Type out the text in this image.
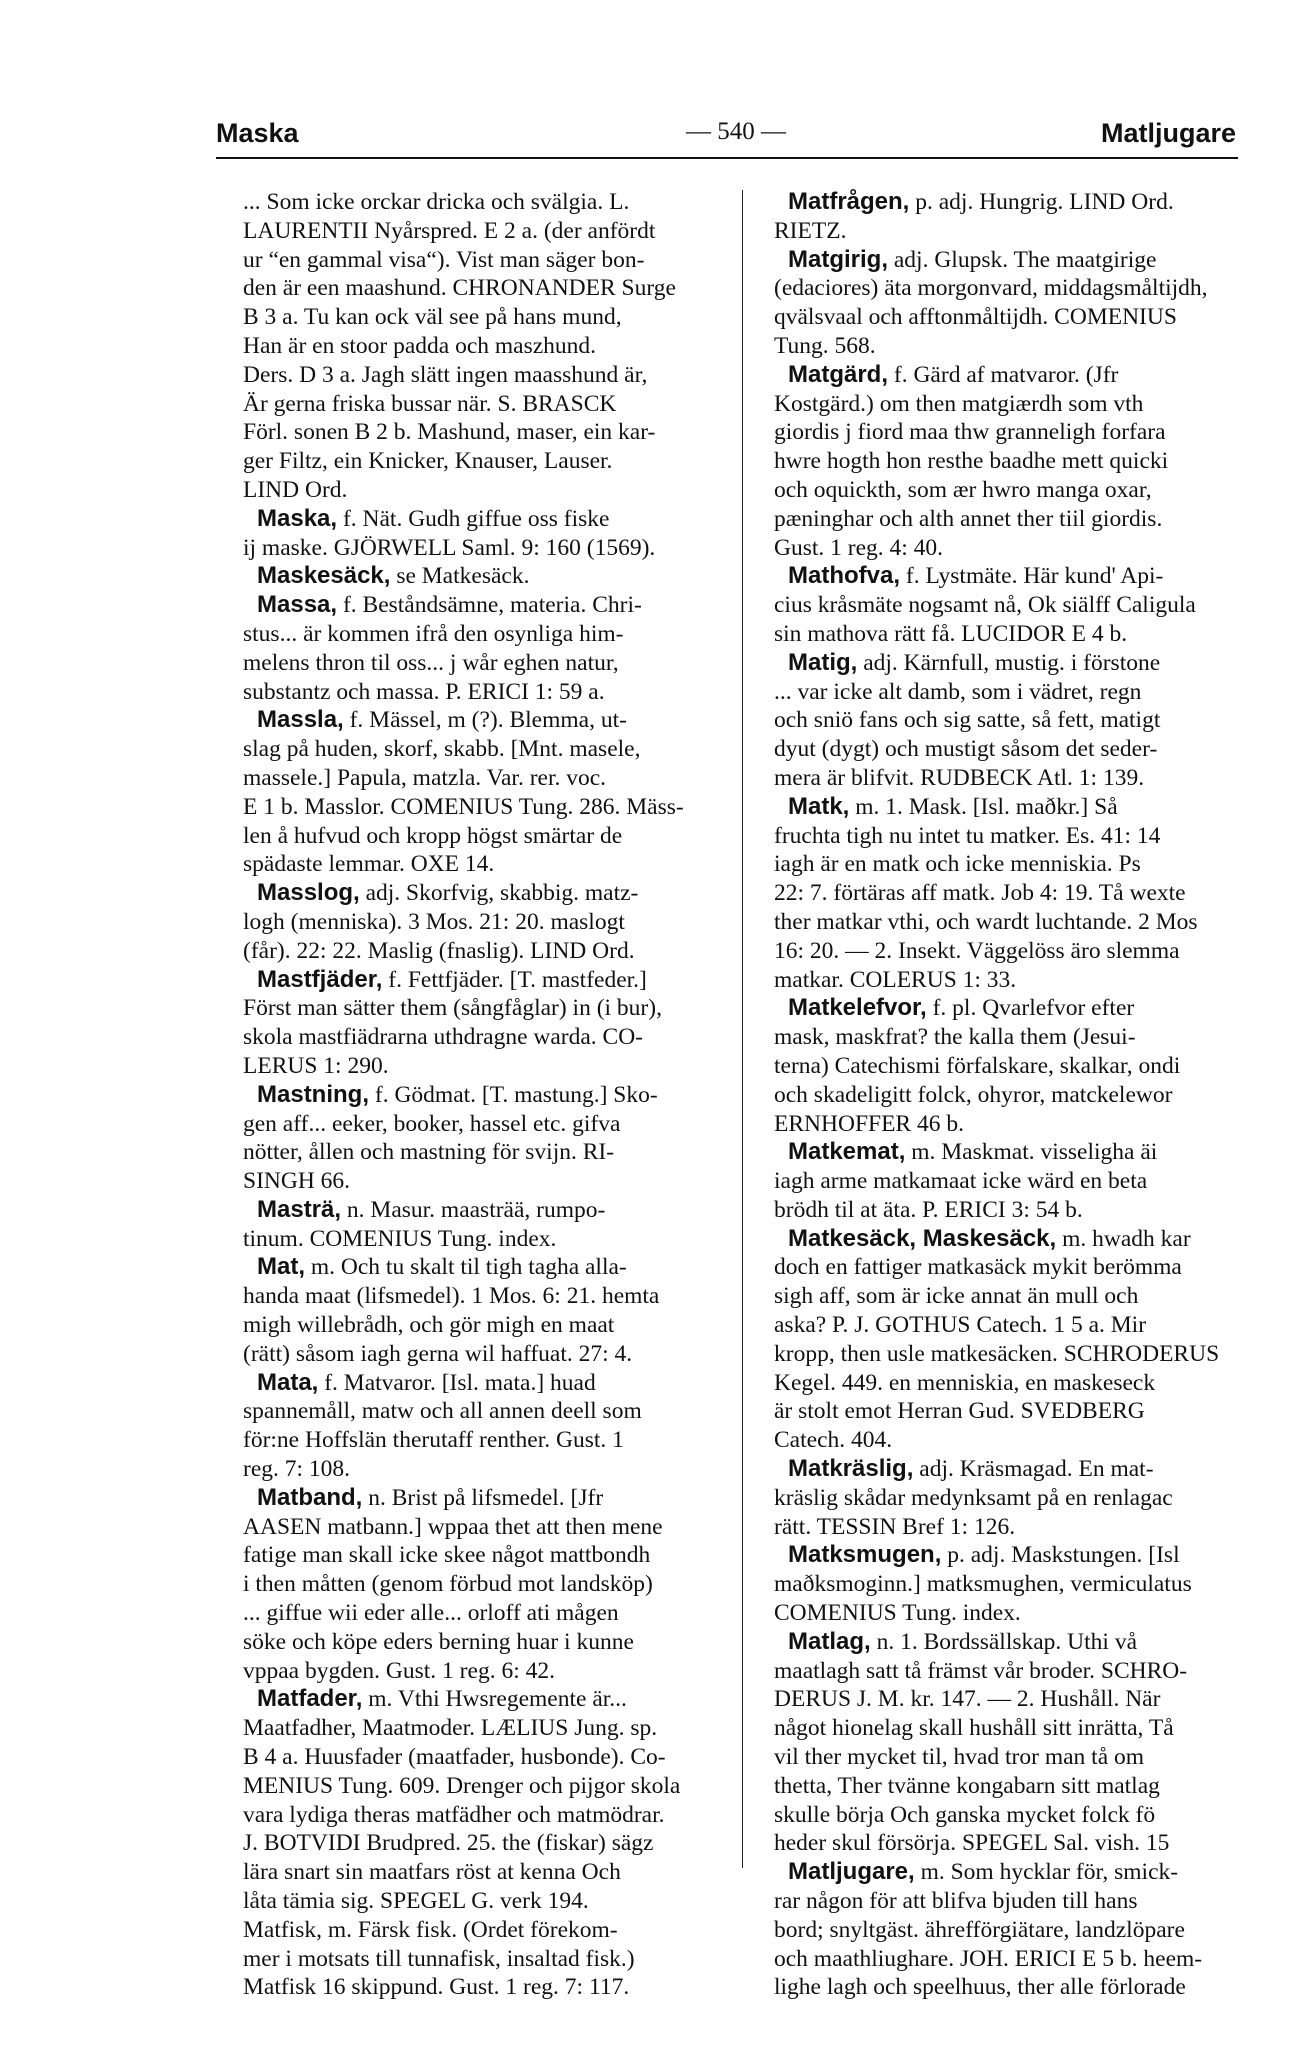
Maska	— 540 —	Matljugare
... Som icke orckar dricka och svälgia. L.
LAURENTII Nyårspred. E 2 a. (der anfördt
ur “en gammal visa“). Vist man säger bon-
den är een maashund. CHRONANDER Surge
B 3 a. Tu kan ock väl see på hans mund,
Han är en stoor padda och maszhund.
Ders. D 3 a. Jagh slätt ingen maasshund är,
Är gerna friska bussar när. S. BRASCK
Förl. sonen B 2 b. Mashund, maser, ein kar-
ger Filtz, ein Knicker, Knauser, Lauser.
LIND Ord.
Maska, f. Nät. Gudh giffue oss fiske
ij maske. GJÖRWELL Saml. 9: 160 (1569).
Maskesäck, se Matkesäck.
Massa, f. Beståndsämne, materia. Chri-
stus... är kommen ifrå den osynliga him-
melens thron til oss... j wår eghen natur,
substantz och massa. P. ERICI 1: 59 a.
Massla, f. Mässel, m (?). Blemma, ut-
slag på huden, skorf, skabb. [Mnt. masele,
massele.] Papula, matzla. Var. rer. voc.
E 1 b. Masslor. COMENIUS Tung. 286. Mäss-
len å hufvud och kropp högst smärtar de
spädaste lemmar. OXE 14.
Masslog, adj. Skorfvig, skabbig. matz-
logh (menniska). 3 Mos. 21: 20. maslogt
(får). 22: 22. Maslig (fnaslig). LIND Ord.
Mastfjäder, f. Fettfjäder. [T. mastfeder.]
Först man sätter them (sångfåglar) in (i bur),
skola mastfiädrarna uthdragne warda. CO-
LERUS 1: 290.
Mastning, f. Gödmat. [T. mastung.] Sko-
gen aff... eeker, booker, hassel etc. gifva
nötter, ållen och mastning för svijn. RI-
SINGH 66.
Masträ, n. Masur. maasträä, rumpo-
tinum. COMENIUS Tung. index.
Mat, m. Och tu skalt til tigh tagha alla-
handa maat (lifsmedel). 1 Mos. 6: 21. hemta
migh willebrådh, och gör migh en maat
(rätt) såsom iagh gerna wil haffuat. 27: 4.
Mata, f. Matvaror. [Isl. mata.] huad
spannemåll, matw och all annen deell som
för:ne Hoffslän therutaff renther. Gust. 1
reg. 7: 108.
Matband, n. Brist på lifsmedel. [Jfr
AASEN matbann.] wppaa thet att then mene
fatige man skall icke skee något mattbondh
i then måtten (genom förbud mot landsköp)
... giffue wii eder alle... orloff ati mågen
söke och köpe eders berning huar i kunne
vppaa bygden. Gust. 1 reg. 6: 42.
Matfader, m. Vthi Hwsregemente är...
Maatfadher, Maatmoder. LÆLIUS Jung. sp.
B 4 a. Huusfader (maatfader, husbonde). Co-
MENIUS Tung. 609. Drenger och pijgor skola
vara lydiga theras matfädher och matmödrar.
J. BOTVIDI Brudpred. 25. the (fiskar) sägz
lära snart sin maatfars röst at kenna Och
låta tämia sig. SPEGEL G. verk 194.
Matfisk, m. Färsk fisk. (Ordet förekom-
mer i motsats till tunnafisk, insaltad fisk.)
Matfisk 16 skippund. Gust. 1 reg. 7: 117.
Matfrågen, p. adj. Hungrig. LIND Ord.
RIETZ.
Matgirig, adj. Glupsk. The maatgirige
(edaciores) äta morgonvard, middagsmåltijdh,
qvälsvaal och afftonmåltijdh. COMENIUS
Tung. 568.
Matgärd, f. Gärd af matvaror. (Jfr
Kostgärd.) om then matgiærdh som vth
giordis j fiord maa thw granneligh forfara
hwre hogth hon resthe baadhe mett quicki
och oquickth, som ær hwro manga oxar,
pæninghar och alth annet ther tiil giordis.
Gust. 1 reg. 4: 40.
Mathofva, f. Lystmäte. Här kund' Api-
cius kråsmäte nogsamt nå, Ok siälff Caligula
sin mathova rätt få. LUCIDOR E 4 b.
Matig, adj. Kärnfull, mustig. i förstone
... var icke alt damb, som i vädret, regn
och sniö fans och sig satte, så fett, matigt
dyut (dygt) och mustigt såsom det seder-
mera är blifvit. RUDBECK Atl. 1: 139.
Matk, m. 1. Mask. [Isl. maðkr.] Så
fruchta tigh nu intet tu matker. Es. 41: 14
iagh är en matk och icke menniskia. Ps
22: 7. förtäras aff matk. Job 4: 19. Tå wexte
ther matkar vthi, och wardt luchtande. 2 Mos
16: 20. — 2. Insekt. Väggelöss äro slemma
matkar. COLERUS 1: 33.
Matkelefvor, f. pl. Qvarlefvor efter
mask, maskfrat? the kalla them (Jesui-
terna) Catechismi förfalskare, skalkar, ondi
och skadeligitt folck, ohyror, matckelewor
ERNHOFFER 46 b.
Matkemat, m. Maskmat. visseligha äi
iagh arme matkamaat icke wärd en beta
brödh til at äta. P. ERICI 3: 54 b.
Matkesäck, Maskesäck, m. hwadh kar
doch en fattiger matkasäck mykit berömma
sigh aff, som är icke annat än mull och
aska? P. J. GOTHUS Catech. 1 5 a. Mir
kropp, then usle matkesäcken. SCHRODERUS
Kegel. 449. en menniskia, en maskeseck
är stolt emot Herran Gud. SVEDBERG
Catech. 404.
Matkräslig, adj. Kräsmagad. En mat-
kräslig skådar medynksamt på en renlagac
rätt. TESSIN Bref 1: 126.
Matksmugen, p. adj. Maskstungen. [Isl
maðksmoginn.] matksmughen, vermiculatus
COMENIUS Tung. index.
Matlag, n. 1. Bordssällskap. Uthi vå
maatlagh satt tå främst vår broder. SCHRO-
DERUS J. M. kr. 147. — 2. Hushåll. När
något hionelag skall hushåll sitt inrätta, Tå
vil ther mycket til, hvad tror man tå om
thetta, Ther tvänne kongabarn sitt matlag
skulle börja Och ganska mycket folck fö
heder skul försörja. SPEGEL Sal. vish. 15
Matljugare, m. Som hycklar för, smick-
rar någon för att blifva bjuden till hans
bord; snyltgäst. ährefförgiätare, landzlöpare
och maathliughare. JOH. ERICI E 5 b. heem-
lighe lagh och speelhuus, ther alle förlorade
